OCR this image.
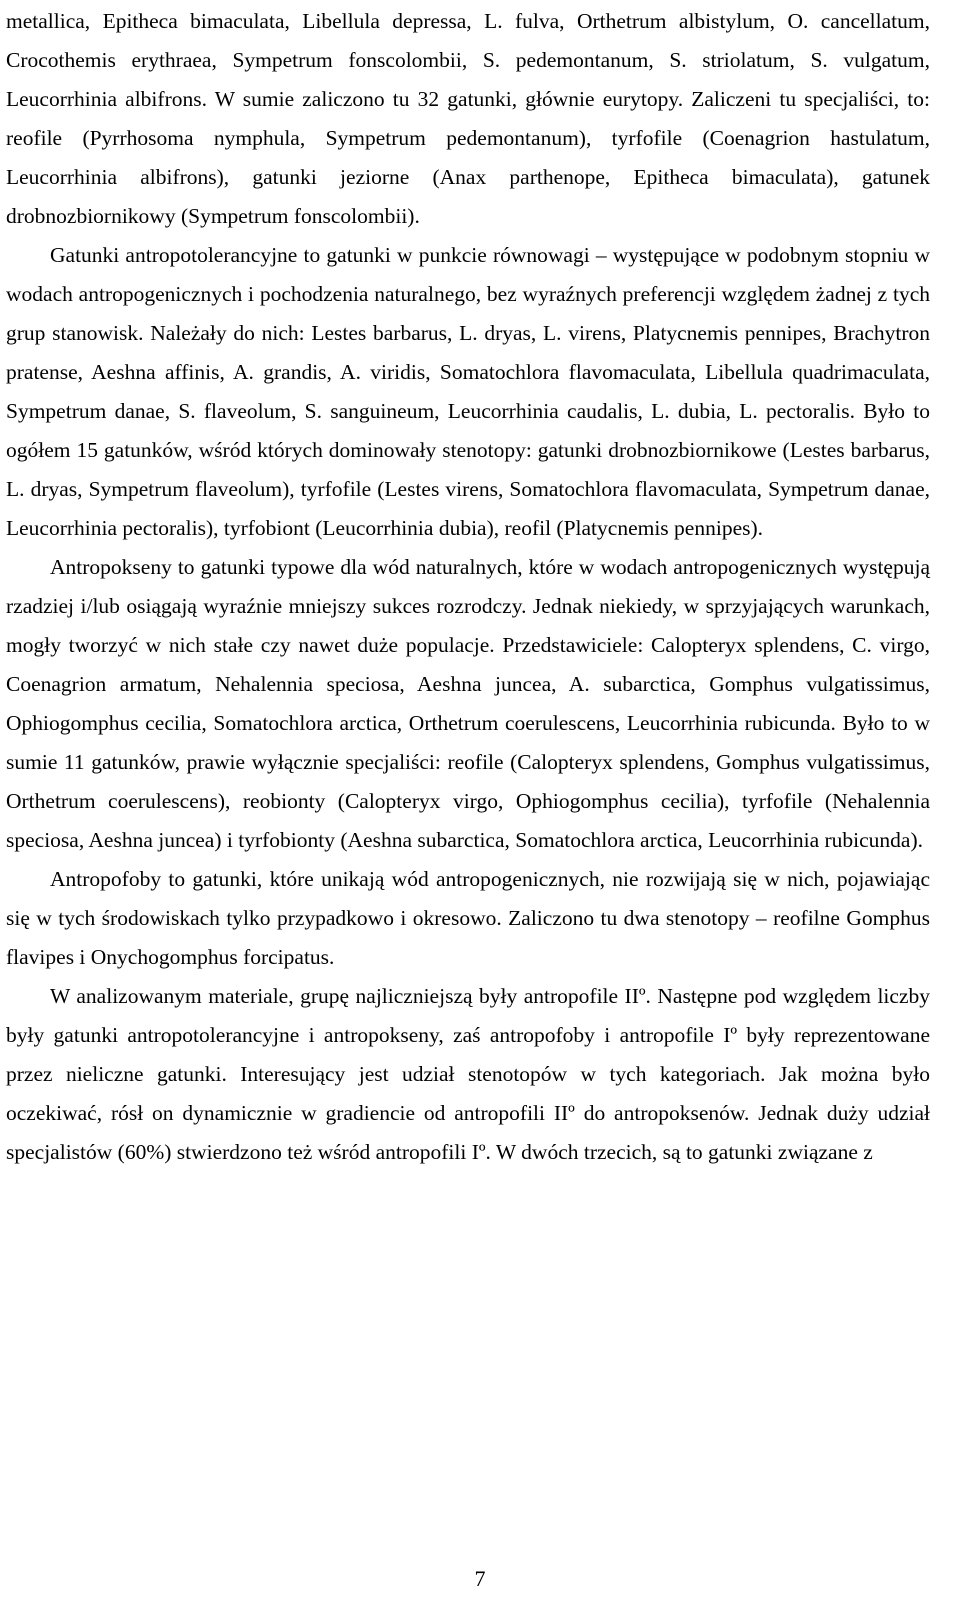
metallica, Epitheca bimaculata, Libellula depressa, L. fulva, Orthetrum albistylum, O. cancellatum, Crocothemis erythraea, Sympetrum fonscolombii, S. pedemontanum, S. striolatum, S. vulgatum, Leucorrhinia albifrons. W sumie zaliczono tu 32 gatunki, głównie eurytopy. Zaliczeni tu specjaliści, to: reofile (Pyrrhosoma nymphula, Sympetrum pedemontanum), tyrfofile (Coenagrion hastulatum, Leucorrhinia albifrons), gatunki jeziorne (Anax parthenope, Epitheca bimaculata), gatunek drobnozbiornikowy (Sympetrum fonscolombii).

Gatunki antropotolerancyjne to gatunki w punkcie równowagi – występujące w podobnym stopniu w wodach antropogenicznych i pochodzenia naturalnego, bez wyraźnych preferencji względem żadnej z tych grup stanowisk. Należały do nich: Lestes barbarus, L. dryas, L. virens, Platycnemis pennipes, Brachytron pratense, Aeshna affinis, A. grandis, A. viridis, Somatochlora flavomaculata, Libellula quadrimaculata, Sympetrum danae, S. flaveolum, S. sanguineum, Leucorrhinia caudalis, L. dubia, L. pectoralis. Było to ogółem 15 gatunków, wśród których dominowały stenotopy: gatunki drobnozbiornikowe (Lestes barbarus, L. dryas, Sympetrum flaveolum), tyrfofile (Lestes virens, Somatochlora flavomaculata, Sympetrum danae, Leucorrhinia pectoralis), tyrfobiont (Leucorrhinia dubia), reofil (Platycnemis pennipes).

Antropokseny to gatunki typowe dla wód naturalnych, które w wodach antropogenicznych występują rzadziej i/lub osiągają wyraźnie mniejszy sukces rozrodczy. Jednak niekiedy, w sprzyjających warunkach, mogły tworzyć w nich stałe czy nawet duże populacje. Przedstawiciele: Calopteryx splendens, C. virgo, Coenagrion armatum, Nehalennia speciosa, Aeshna juncea, A. subarctica, Gomphus vulgatissimus, Ophiogomphus cecilia, Somatochlora arctica, Orthetrum coerulescens, Leucorrhinia rubicunda. Było to w sumie 11 gatunków, prawie wyłącznie specjaliści: reofile (Calopteryx splendens, Gomphus vulgatissimus, Orthetrum coerulescens), reobionty (Calopteryx virgo, Ophiogomphus cecilia), tyrfofile (Nehalennia speciosa, Aeshna juncea) i tyrfobionty (Aeshna subarctica, Somatochlora arctica, Leucorrhinia rubicunda).

Antropofoby to gatunki, które unikają wód antropogenicznych, nie rozwijają się w nich, pojawiając się w tych środowiskach tylko przypadkowo i okresowo. Zaliczono tu dwa stenotopy – reofilne Gomphus flavipes i Onychogomphus forcipatus.

W analizowanym materiale, grupę najliczniejszą były antropofile IIº. Następne pod względem liczby były gatunki antropotolerancyjne i antropokseny, zaś antropofoby i antropofile Iº były reprezentowane przez nieliczne gatunki. Interesujący jest udział stenotopów w tych kategoriach. Jak można było oczekiwać, rósł on dynamicznie w gradiencie od antropofili IIº do antropoksenów. Jednak duży udział specjalistów (60%) stwierdzono też wśród antropofili Iº. W dwóch trzecich, są to gatunki związane z

7
